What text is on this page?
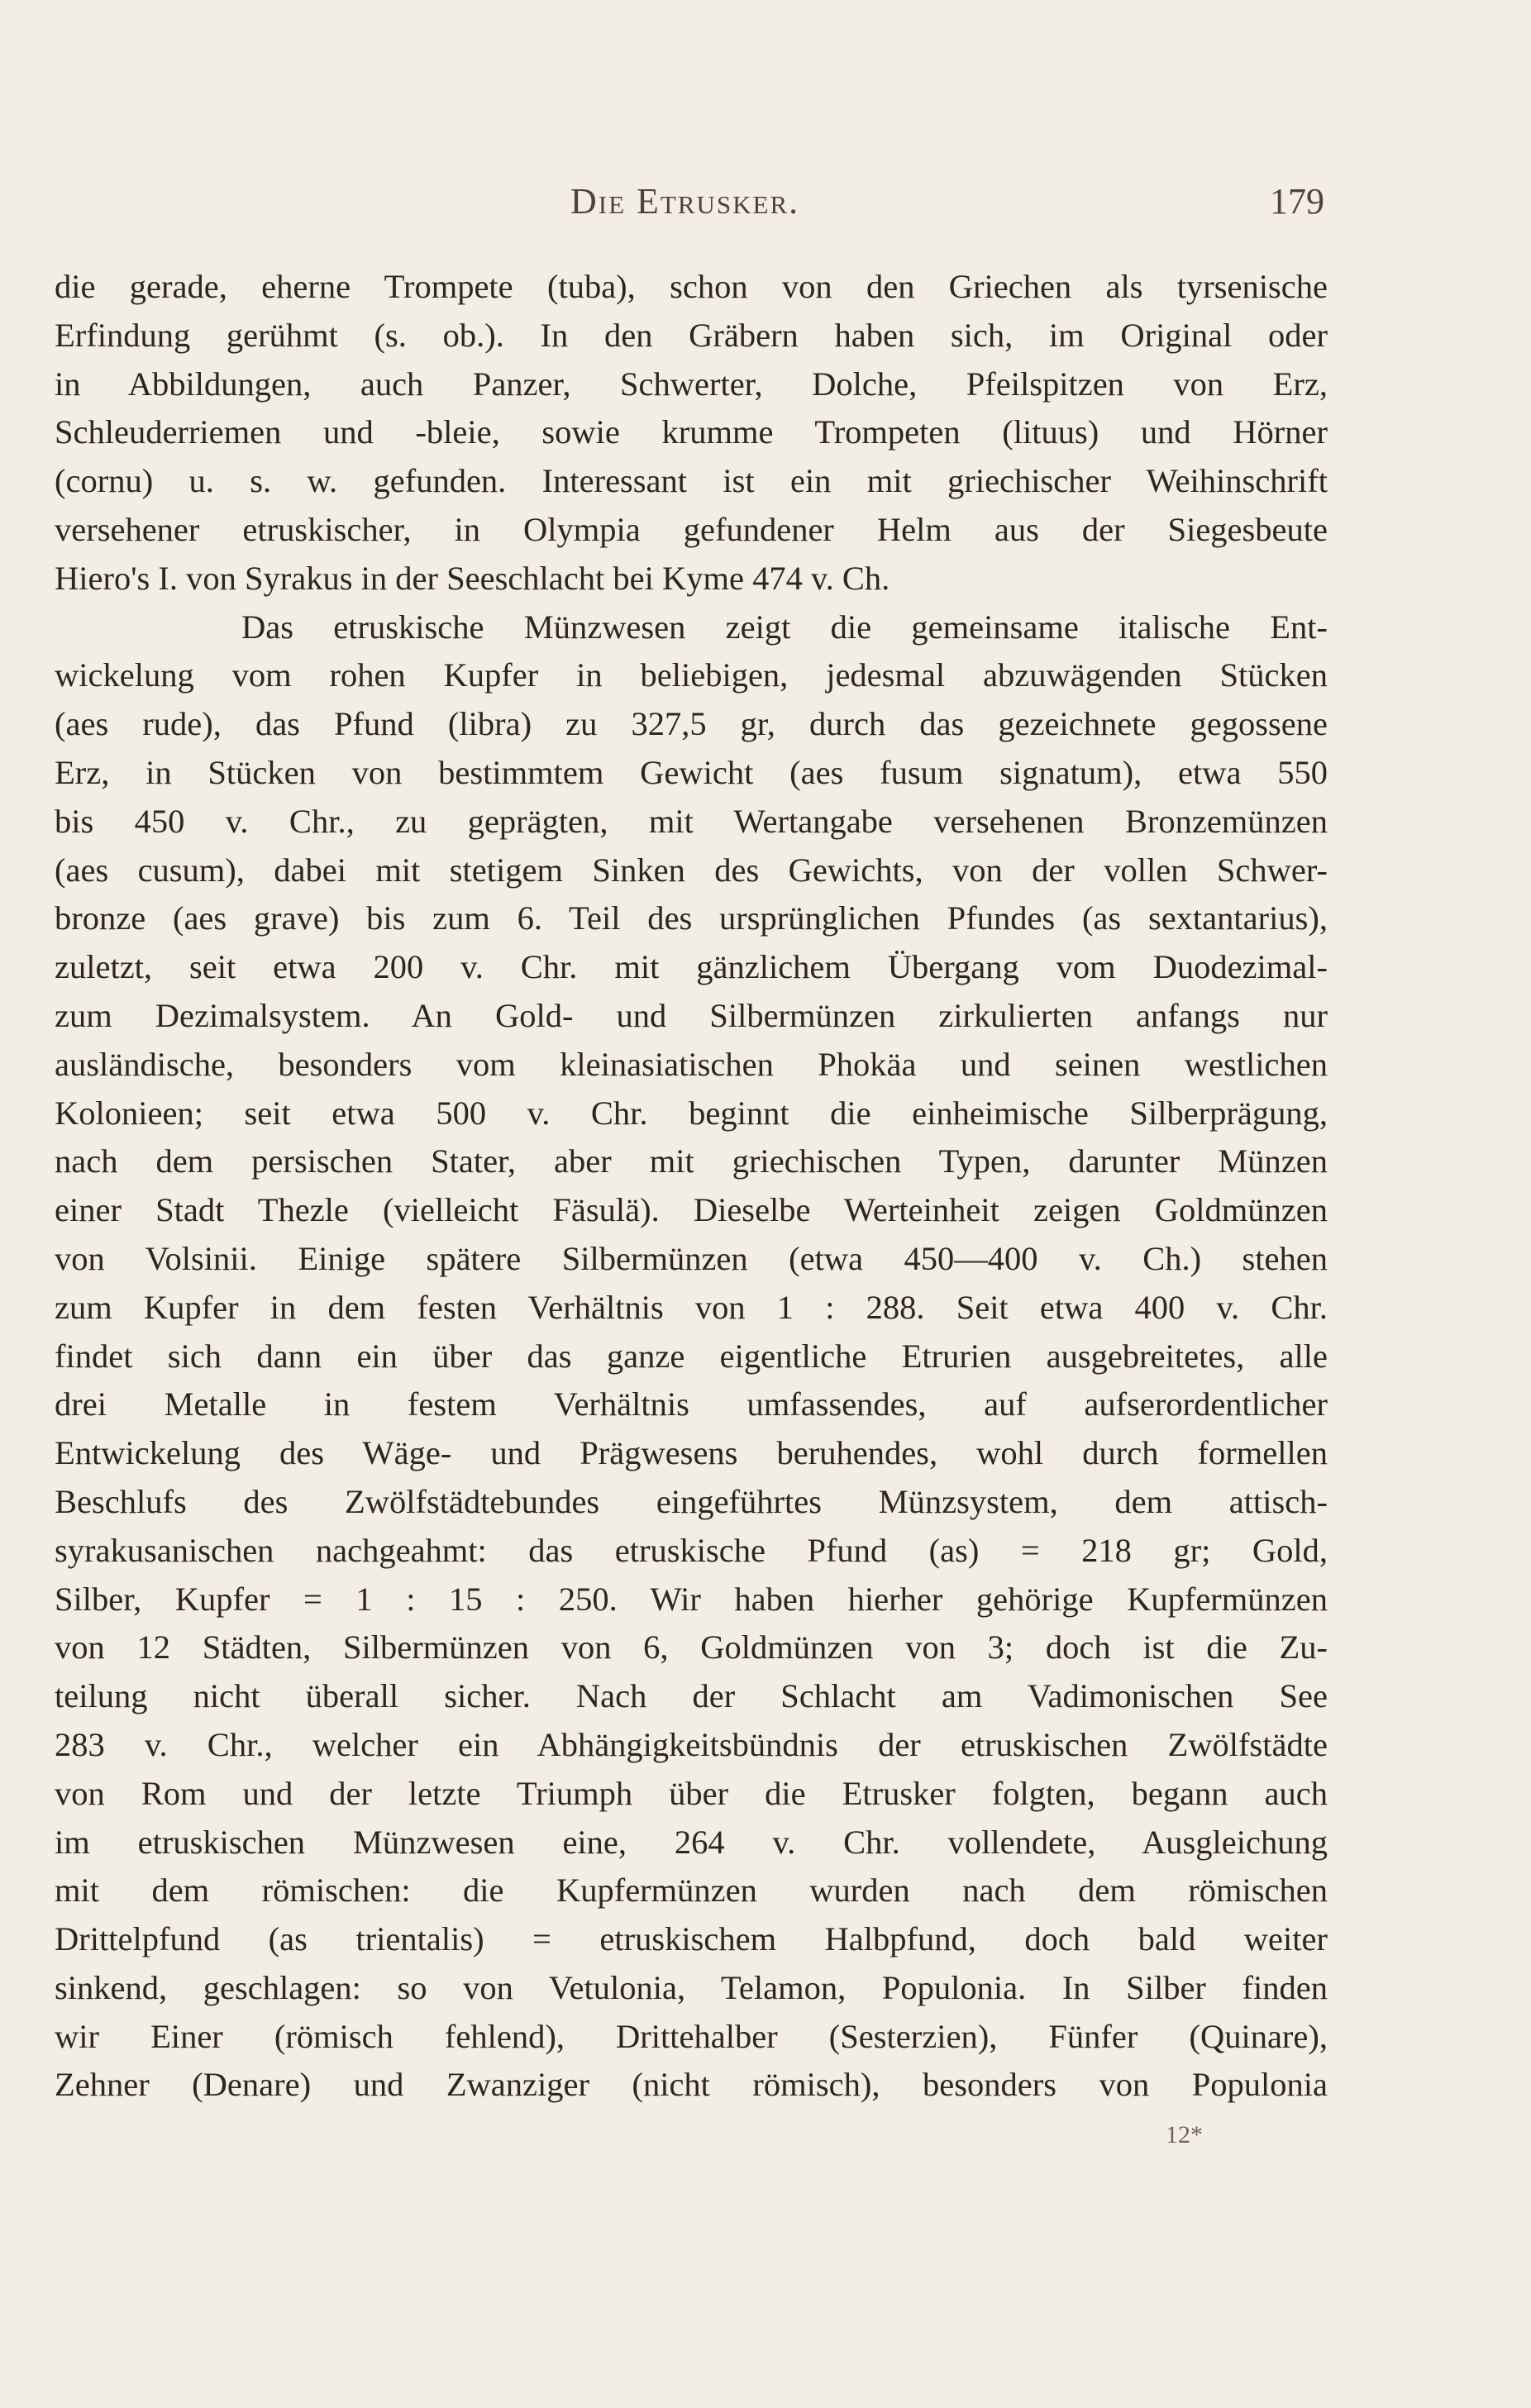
Die Etrusker.	179
die gerade, eherne Trompete (tuba), schon von den Griechen als tyrsenische
Erfindung gerühmt (s. ob.). In den Gräbern haben sich, im Original oder
in Abbildungen, auch Panzer, Schwerter, Dolche, Pfeilspitzen von Erz,
Schleuderriemen und -bleie, sowie krumme Trompeten (lituus) und Hörner
(cornu) u. s. w. gefunden. Interessant ist ein mit griechischer Weihinschrift
versehener etruskischer, in Olympia gefundener Helm aus der Siegesbeute
Hiero's I. von Syrakus in der Seeschlacht bei Kyme 474 v. Ch.
Das etruskische Münzwesen zeigt die gemeinsame italische Ent-
wickelung vom rohen Kupfer in beliebigen, jedesmal abzuwägenden Stücken
(aes rude), das Pfund (libra) zu 327,5 gr, durch das gezeichnete gegossene
Erz, in Stücken von bestimmtem Gewicht (aes fusum signatum), etwa 550
bis 450 v. Chr., zu geprägten, mit Wertangabe versehenen Bronzemünzen
(aes cusum), dabei mit stetigem Sinken des Gewichts, von der vollen Schwer-
bronze (aes grave) bis zum 6. Teil des ursprünglichen Pfundes (as sextantarius),
zuletzt, seit etwa 200 v. Chr. mit gänzlichem Übergang vom Duodezimal-
zum Dezimalsystem. An Gold- und Silbermünzen zirkulierten anfangs nur
ausländische, besonders vom kleinasiatischen Phokäa und seinen westlichen
Kolonieen; seit etwa 500 v. Chr. beginnt die einheimische Silberprägung,
nach dem persischen Stater, aber mit griechischen Typen, darunter Münzen
einer Stadt Thezle (vielleicht Fäsulä). Dieselbe Werteinheit zeigen Goldmünzen
von Volsinii. Einige spätere Silbermünzen (etwa 450—400 v. Ch.) stehen
zum Kupfer in dem festen Verhältnis von 1 : 288. Seit etwa 400 v. Chr.
findet sich dann ein über das ganze eigentliche Etrurien ausgebreitetes, alle
drei Metalle in festem Verhältnis umfassendes, auf aufserordentlicher
Entwickelung des Wäge- und Prägwesens beruhendes, wohl durch formellen
Beschlufs des Zwölfstädtebundes eingeführtes Münzsystem, dem attisch-
syrakusanischen nachgeahmt: das etruskische Pfund (as) = 218 gr; Gold,
Silber, Kupfer = 1 : 15 : 250. Wir haben hierher gehörige Kupfermünzen
von 12 Städten, Silbermünzen von 6, Goldmünzen von 3; doch ist die Zu-
teilung nicht überall sicher. Nach der Schlacht am Vadimonischen See
283 v. Chr., welcher ein Abhängigkeitsbündnis der etruskischen Zwölfstädte
von Rom und der letzte Triumph über die Etrusker folgten, begann auch
im etruskischen Münzwesen eine, 264 v. Chr. vollendete, Ausgleichung
mit dem römischen: die Kupfermünzen wurden nach dem römischen
Drittelpfund (as trientalis) = etruskischem Halbpfund, doch bald weiter
sinkend, geschlagen: so von Vetulonia, Telamon, Populonia. In Silber finden
wir Einer (römisch fehlend), Drittehalber (Sesterzien), Fünfer (Quinare),
Zehner (Denare) und Zwanziger (nicht römisch), besonders von Populonia
12*
